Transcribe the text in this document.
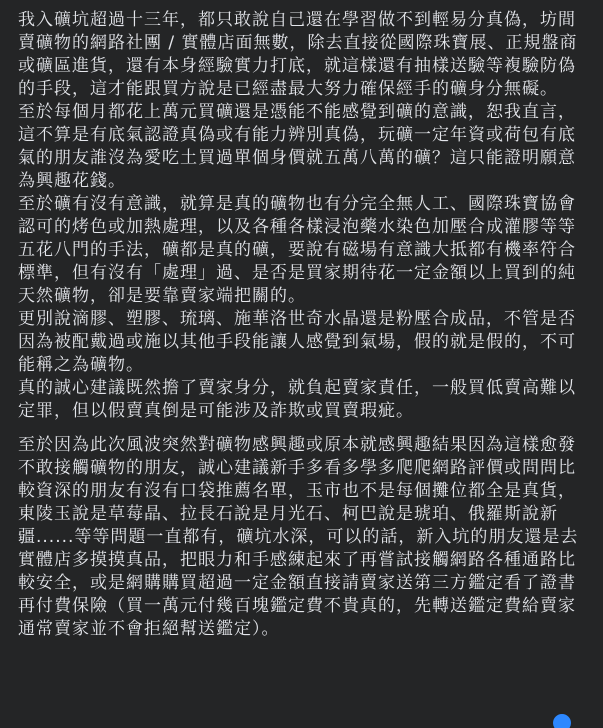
我入礦坑超過十三年，都只敢說自己還在學習做不到輕易分真偽，坊間賣礦物的網路社團 / 實體店面無數，除去直接從國際珠寶展、正規盤商或礦區進貨，還有本身經驗實力打底，就這樣還有抽樣送驗等複驗防偽的手段，這才能跟買方說是已經盡最大努力確保經手的礦身分無礙。

至於每個月都花上萬元買礦還是憑能不能感覺到礦的意識，恕我直言，這不算是有底氣認證真偽或有能力辨別真偽，玩礦一定年資或荷包有底氣的朋友誰沒為愛吃土買過單個身價就五萬八萬的礦？這只能證明願意為興趣花錢。

至於礦有沒有意識，就算是真的礦物也有分完全無人工、國際珠寶協會認可的烤色或加熱處理，以及各種各樣浸泡藥水染色加壓合成灌膠等等五花八門的手法，礦都是真的礦，要說有磁場有意識大抵都有機率符合標準，但有沒有「處理」過、是否是買家期待花一定金額以上買到的純天然礦物，卻是要靠賣家端把關的。

更別說滴膠、塑膠、琉璃、施華洛世奇水晶還是粉壓合成品，不管是否因為被配戴過或施以其他手段能讓人感覺到氣場，假的就是假的，不可能稱之為礦物。

真的誠心建議既然擔了賣家身分，就負起賣家責任，一般買低賣高難以定罪，但以假賣真倒是可能涉及詐欺或買賣瑕疵。

至於因為此次風波突然對礦物感興趣或原本就感興趣結果因為這樣愈發不敢接觸礦物的朋友，誠心建議新手多看多學多爬爬網路評價或問問比較資深的朋友有沒有口袋推薦名單，玉市也不是每個攤位都全是真貨，東陵玉說是草莓晶、拉長石說是月光石、柯巴說是琥珀、俄羅斯說新疆......等等問題一直都有，礦坑水深，可以的話，新入坑的朋友還是去實體店多摸摸真品，把眼力和手感練起來了再嘗試接觸網路各種通路比較安全，或是網購購買超過一定金額直接請賣家送第三方鑑定看了證書再付費保險（買一萬元付幾百塊鑑定費不貴真的，先轉送鑑定費給賣家通常賣家並不會拒絕幫送鑑定）。
